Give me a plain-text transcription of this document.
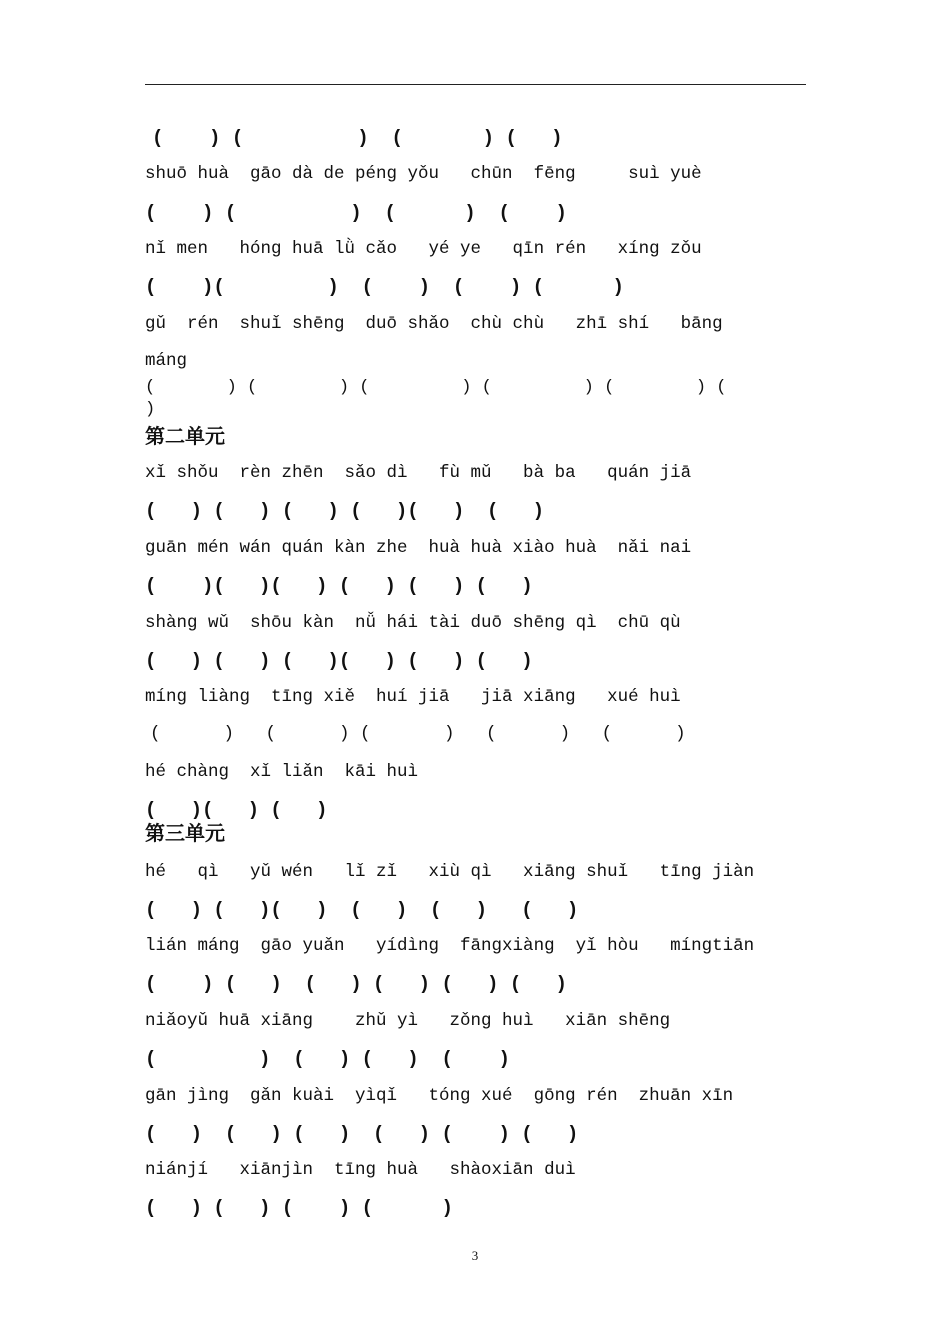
(    ) (          )  (       ) (   )
shuō huà  gāo dà de péng yǒu   chūn  fēng     suì yuè
(    ) (          )  (      )  (    )
nǐ men   hóng huā lǜ cǎo   yé ye   qīn rén   xíng zǒu
(    )(         )  (    )  (    ) (      )
gǔ  rén  shuǐ shēng  duō shǎo  chù chù   zhī shí   bāng
máng
(       ) (        ) (         ) (         ) (        ) (
)
第二单元
xǐ shǒu  rèn zhēn  sǎo dì   fù mǔ   bà ba   quán jiā
(   ) (   ) (   ) (   )(   )  (   )
guān mén wán quán kàn zhe  huà huà xiào huà  nǎi nai
(    )(   )(   ) (   ) (   ) (   )
shàng wǔ  shōu kàn  nǚ hái tài duō shēng qì  chū qù
(   ) (   ) (   )(   ) (   ) (   )
míng liàng  tīng xiě  huí jiā   jiā xiāng   xué huì
(      )   (      ) (       )   (      )   (      )
hé chàng  xǐ liǎn  kāi huì
(   )(   ) (   )
第三单元
hé   qì   yǔ wén   lǐ zǐ   xiù qì   xiāng shuǐ   tīng jiàn
(   ) (   )(   )  (   )  (   )   (   )
lián máng  gāo yuǎn   yídìng  fāngxiàng  yǐ hòu   míngtiān
(    ) (   )  (   ) (   ) (   ) (   )
niǎoyǔ huā xiāng    zhǔ yì   zǒng huì   xiān shēng
(         )  (   ) (   )  (    )
gān jìng  gǎn kuài  yìqǐ   tóng xué  gōng rén  zhuān xīn
(   )  (   ) (   )  (   ) (    ) (   )
niánjí   xiānjìn  tīng huà   shàoxiān duì
(   ) (   ) (    ) (      )
3
